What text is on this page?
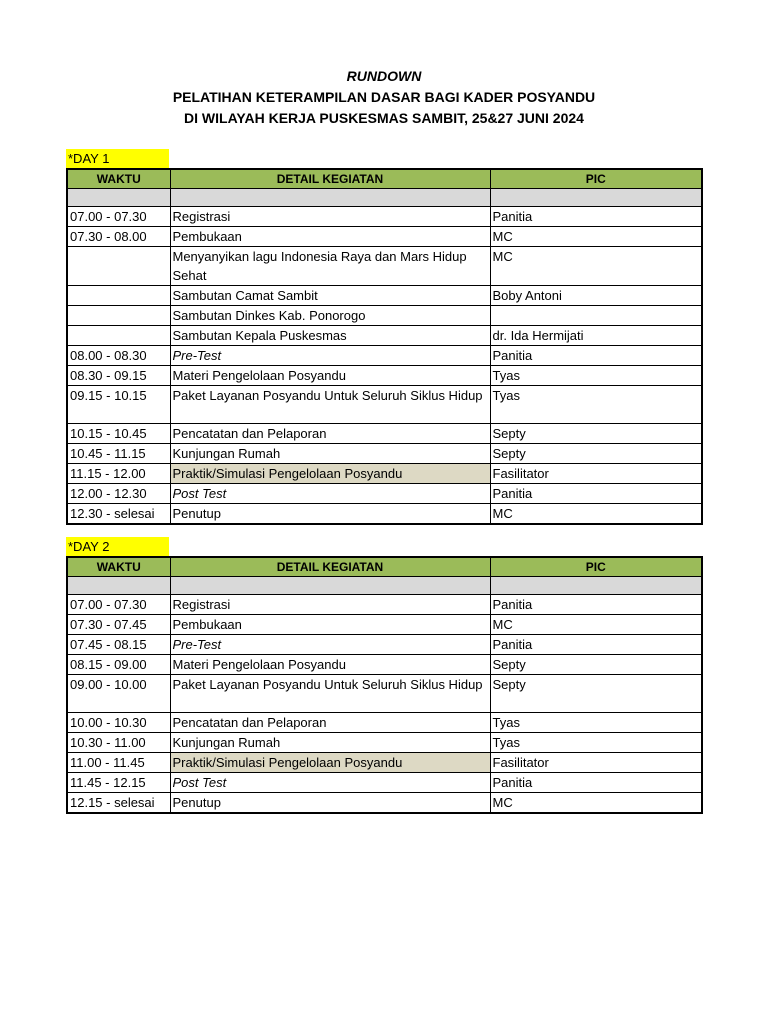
RUNDOWN
PELATIHAN KETERAMPILAN DASAR BAGI KADER POSYANDU
DI WILAYAH KERJA PUSKESMAS SAMBIT, 25&27 JUNI 2024
*DAY 1
WAKTU	DETAIL KEGIATAN	PIC

07.00 - 07.30	Registrasi	Panitia
07.30 - 08.00	Pembukaan	MC
	Menyanyikan lagu Indonesia Raya dan Mars Hidup Sehat	MC
	Sambutan Camat Sambit	Boby Antoni
	Sambutan Dinkes Kab. Ponorogo	
	Sambutan Kepala Puskesmas	dr. Ida Hermijati
08.00 - 08.30	Pre-Test	Panitia
08.30 - 09.15	Materi Pengelolaan Posyandu	Tyas
09.15 - 10.15	Paket Layanan Posyandu Untuk Seluruh Siklus Hidup	Tyas
10.15 - 10.45	Pencatatan dan Pelaporan	Septy
10.45 - 11.15	Kunjungan Rumah	Septy
11.15 - 12.00	Praktik/Simulasi Pengelolaan Posyandu	Fasilitator
12.00 - 12.30	Post Test	Panitia
12.30 - selesai	Penutup	MC
*DAY 2
WAKTU	DETAIL KEGIATAN	PIC

07.00 - 07.30	Registrasi	Panitia
07.30 - 07.45	Pembukaan	MC
07.45 - 08.15	Pre-Test	Panitia
08.15 - 09.00	Materi Pengelolaan Posyandu	Septy
09.00 - 10.00	Paket Layanan Posyandu Untuk Seluruh Siklus Hidup	Septy
10.00 - 10.30	Pencatatan dan Pelaporan	Tyas
10.30 - 11.00	Kunjungan Rumah	Tyas
11.00 - 11.45	Praktik/Simulasi Pengelolaan Posyandu	Fasilitator
11.45 - 12.15	Post Test	Panitia
12.15 - selesai	Penutup	MC
